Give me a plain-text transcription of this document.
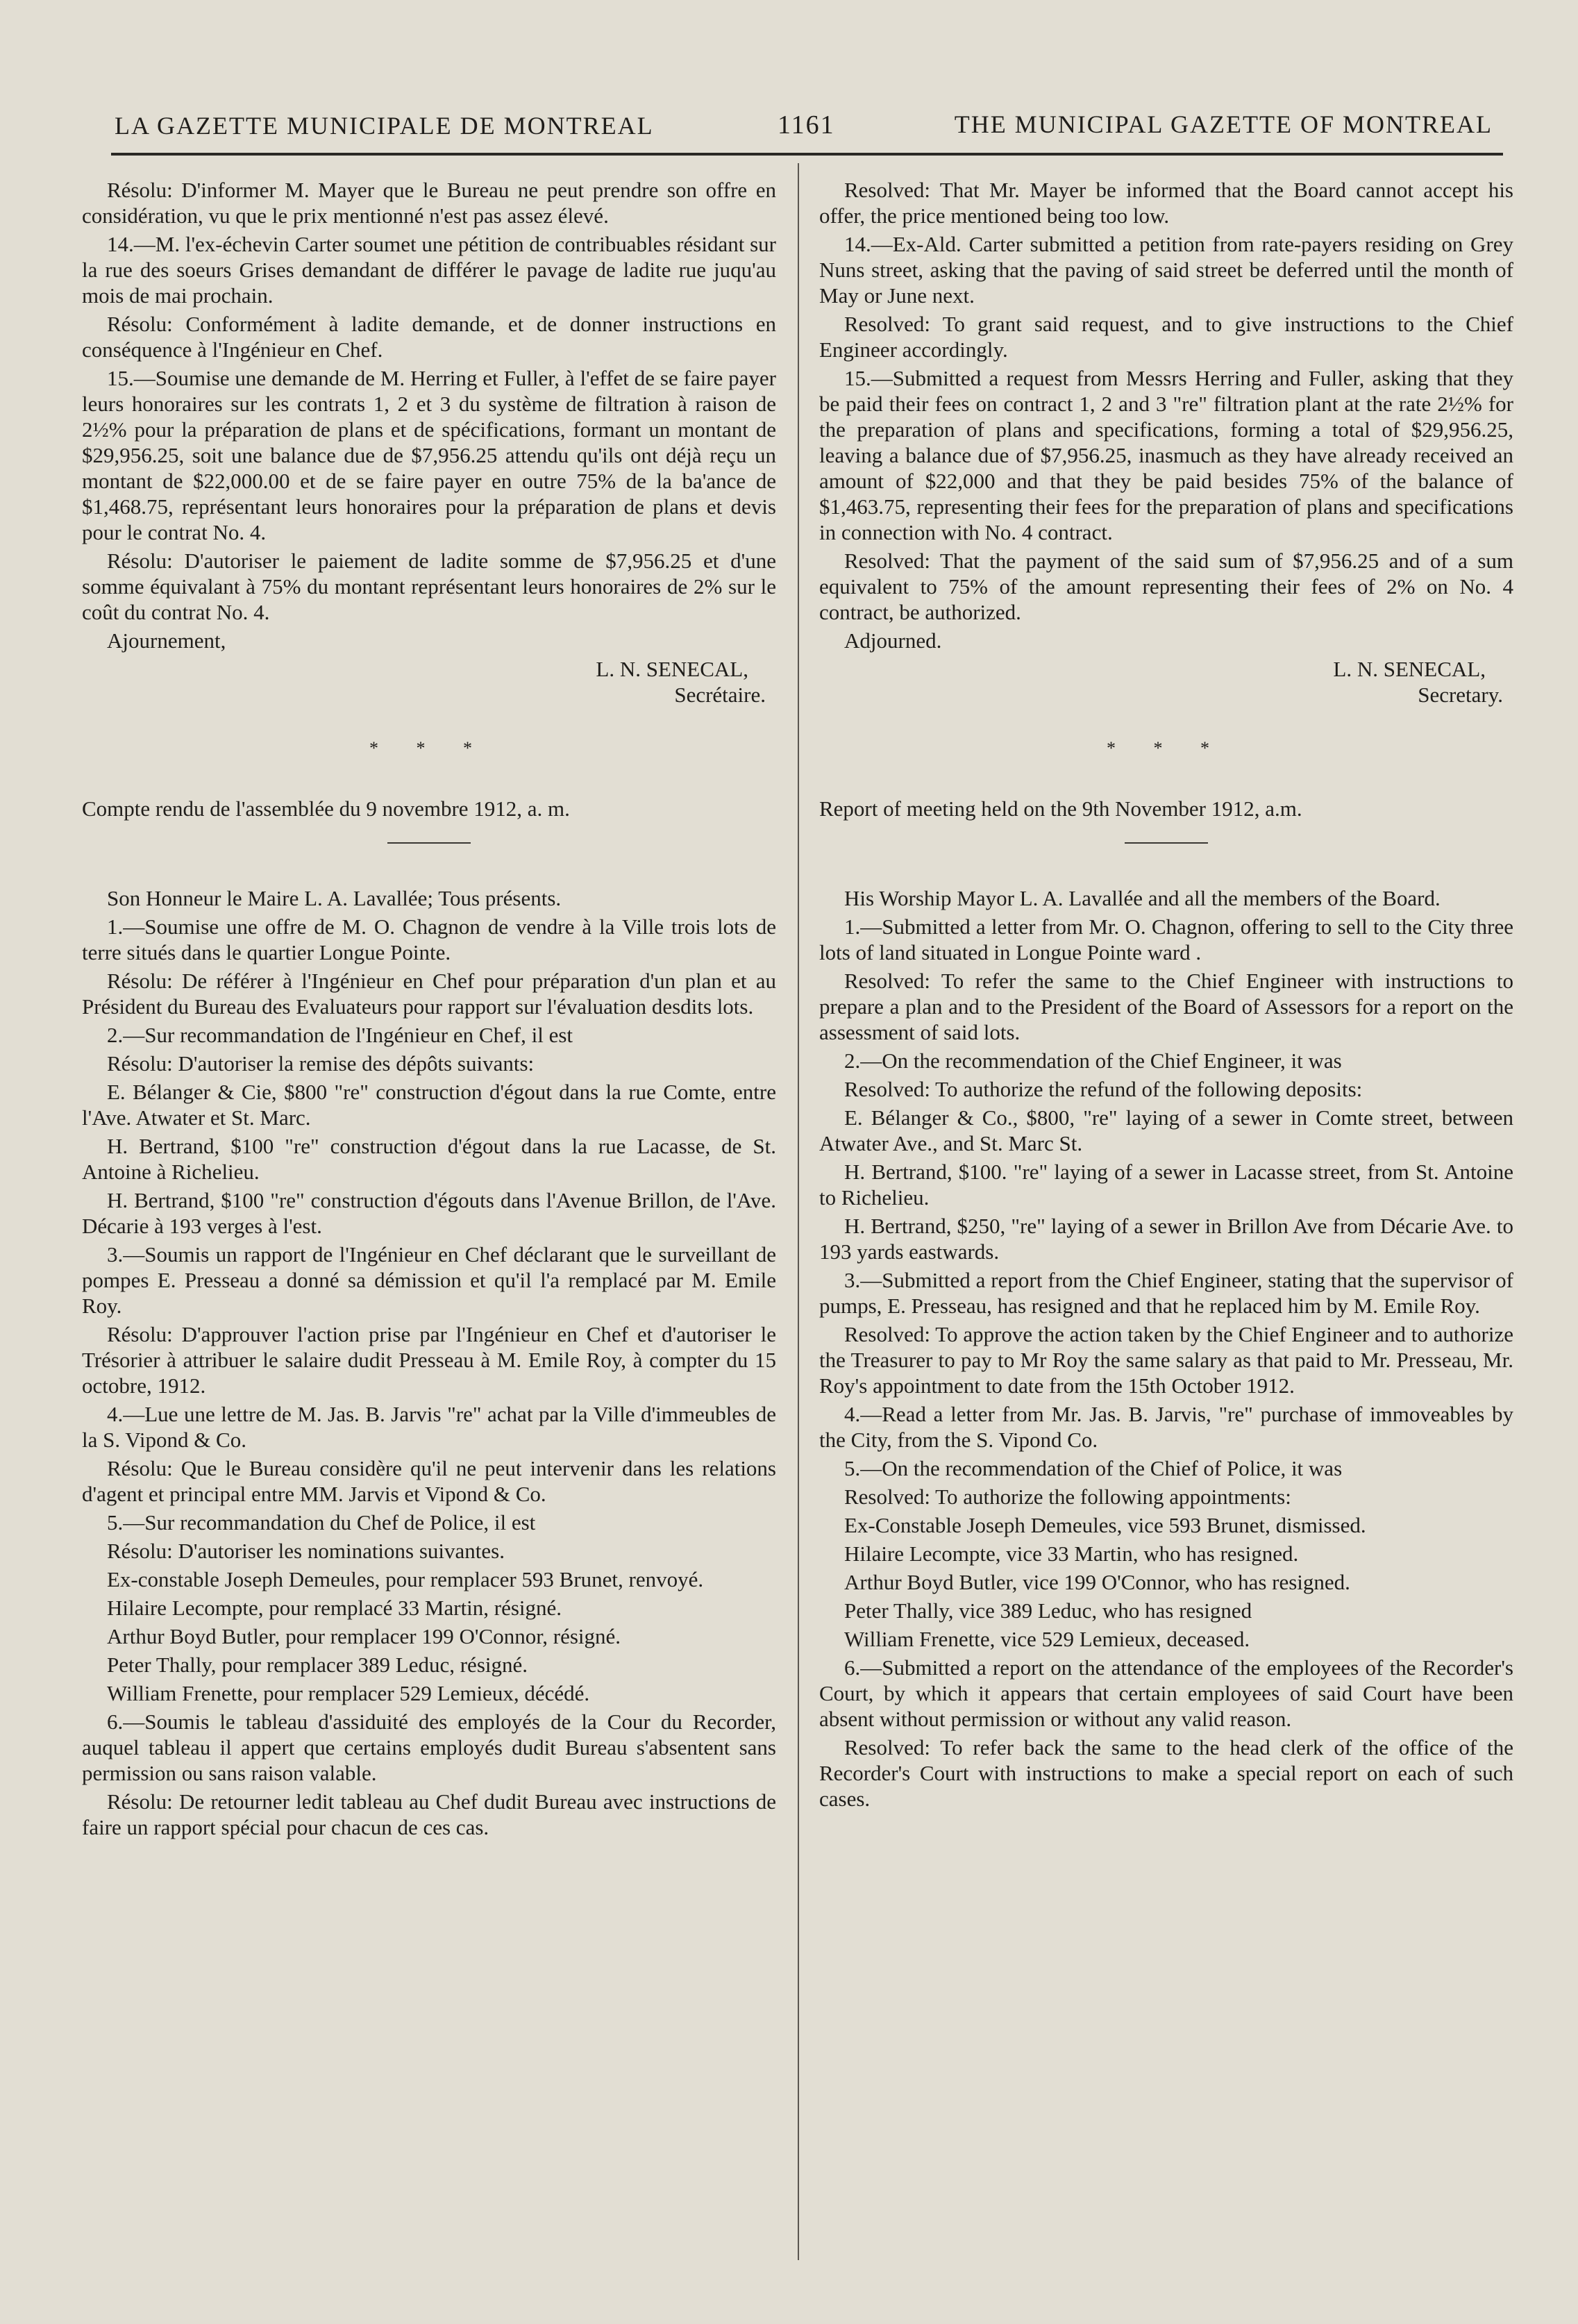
LA GAZETTE MUNICIPALE DE MONTREAL	1161	THE MUNICIPAL GAZETTE OF MONTREAL

Résolu: D'informer M. Mayer que le Bureau ne peut prendre son offre en considération, vu que le prix mentionné n'est pas assez élevé.

14.—M. l'ex-échevin Carter soumet une pétition de contribuables résidant sur la rue des soeurs Grises demandant de différer le pavage de ladite rue juqu'au mois de mai prochain.

Résolu: Conformément à ladite demande, et de donner instructions en conséquence à l'Ingénieur en Chef.

15.—Soumise une demande de M. Herring et Fuller, à l'effet de se faire payer leurs honoraires sur les contrats 1, 2 et 3 du système de filtration à raison de 2½% pour la préparation de plans et de spécifications, formant un montant de $29,956.25, soit une balance due de $7,956.25 attendu qu'ils ont déjà reçu un montant de $22,000.00 et de se faire payer en outre 75% de la ba'ance de $1,468.75, représentant leurs honoraires pour la préparation de plans et devis pour le contrat No. 4.

Résolu: D'autoriser le paiement de ladite somme de $7,956.25 et d'une somme équivalant à 75% du montant représentant leurs honoraires de 2% sur le coût du contrat No. 4.

Ajournement,

L. N. SENECAL,

Secrétaire.

* * *

Compte rendu de l'assemblée du 9 novembre 1912, a. m.

Son Honneur le Maire L. A. Lavallée; Tous présents.

1.—Soumise une offre de M. O. Chagnon de vendre à la Ville trois lots de terre situés dans le quartier Longue Pointe.

Résolu: De référer à l'Ingénieur en Chef pour préparation d'un plan et au Président du Bureau des Evaluateurs pour rapport sur l'évaluation desdits lots.

2.—Sur recommandation de l'Ingénieur en Chef, il est

Résolu: D'autoriser la remise des dépôts suivants:

E. Bélanger & Cie, $800 "re" construction d'égout dans la rue Comte, entre l'Ave. Atwater et St. Marc.

H. Bertrand, $100 "re" construction d'égout dans la rue Lacasse, de St. Antoine à Richelieu.

H. Bertrand, $100 "re" construction d'égouts dans l'Avenue Brillon, de l'Ave. Décarie à 193 verges à l'est.

3.—Soumis un rapport de l'Ingénieur en Chef déclarant que le surveillant de pompes E. Presseau a donné sa démission et qu'il l'a remplacé par M. Emile Roy.

Résolu: D'approuver l'action prise par l'Ingénieur en Chef et d'autoriser le Trésorier à attribuer le salaire dudit Presseau à M. Emile Roy, à compter du 15 octobre, 1912.

4.—Lue une lettre de M. Jas. B. Jarvis "re" achat par la Ville d'immeubles de la S. Vipond & Co.

Résolu: Que le Bureau considère qu'il ne peut intervenir dans les relations d'agent et principal entre MM. Jarvis et Vipond & Co.

5.—Sur recommandation du Chef de Police, il est

Résolu: D'autoriser les nominations suivantes.

Ex-constable Joseph Demeules, pour remplacer 593 Brunet, renvoyé.

Hilaire Lecompte, pour remplacé 33 Martin, résigné.

Arthur Boyd Butler, pour remplacer 199 O'Connor, résigné.

Peter Thally, pour remplacer 389 Leduc, résigné.

William Frenette, pour remplacer 529 Lemieux, décédé.

6.—Soumis le tableau d'assiduité des employés de la Cour du Recorder, auquel tableau il appert que certains employés dudit Bureau s'absentent sans permission ou sans raison valable.

Résolu: De retourner ledit tableau au Chef dudit Bureau avec instructions de faire un rapport spécial pour chacun de ces cas.

Resolved: That Mr. Mayer be informed that the Board cannot accept his offer, the price mentioned being too low.

14.—Ex-Ald. Carter submitted a petition from rate-payers residing on Grey Nuns street, asking that the paving of said street be deferred until the month of May or June next.

Resolved: To grant said request, and to give instructions to the Chief Engineer accordingly.

15.—Submitted a request from Messrs Herring and Fuller, asking that they be paid their fees on contract 1, 2 and 3 "re" filtration plant at the rate 2½% for the preparation of plans and specifications, forming a total of $29,956.25, leaving a balance due of $7,956.25, inasmuch as they have already received an amount of $22,000 and that they be paid besides 75% of the balance of $1,463.75, representing their fees for the preparation of plans and specifications in connection with No. 4 contract.

Resolved: That the payment of the said sum of $7,956.25 and of a sum equivalent to 75% of the amount representing their fees of 2% on No. 4 contract, be authorized.

Adjourned.

L. N. SENECAL,

Secretary.

* * *

Report of meeting held on the 9th November 1912, a.m.

His Worship Mayor L. A. Lavallée and all the members of the Board.

1.—Submitted a letter from Mr. O. Chagnon, offering to sell to the City three lots of land situated in Longue Pointe ward .

Resolved: To refer the same to the Chief Engineer with instructions to prepare a plan and to the President of the Board of Assessors for a report on the assessment of said lots.

2.—On the recommendation of the Chief Engineer, it was

Resolved: To authorize the refund of the following deposits:

E. Bélanger & Co., $800, "re" laying of a sewer in Comte street, between Atwater Ave., and St. Marc St.

H. Bertrand, $100. "re" laying of a sewer in Lacasse street, from St. Antoine to Richelieu.

H. Bertrand, $250, "re" laying of a sewer in Brillon Ave from Décarie Ave. to 193 yards eastwards.

3.—Submitted a report from the Chief Engineer, stating that the supervisor of pumps, E. Presseau, has resigned and that he replaced him by M. Emile Roy.

Resolved: To approve the action taken by the Chief Engineer and to authorize the Treasurer to pay to Mr Roy the same salary as that paid to Mr. Presseau, Mr. Roy's appointment to date from the 15th October 1912.

4.—Read a letter from Mr. Jas. B. Jarvis, "re" purchase of immoveables by the City, from the S. Vipond Co.

5.—On the recommendation of the Chief of Police, it was

Resolved: To authorize the following appointments:

Ex-Constable Joseph Demeules, vice 593 Brunet, dismissed.

Hilaire Lecompte, vice 33 Martin, who has resigned.

Arthur Boyd Butler, vice 199 O'Connor, who has resigned.

Peter Thally, vice 389 Leduc, who has resigned

William Frenette, vice 529 Lemieux, deceased.

6.—Submitted a report on the attendance of the employees of the Recorder's Court, by which it appears that certain employees of said Court have been absent without permission or without any valid reason.

Resolved: To refer back the same to the head clerk of the office of the Recorder's Court with instructions to make a special report on each of such cases.
